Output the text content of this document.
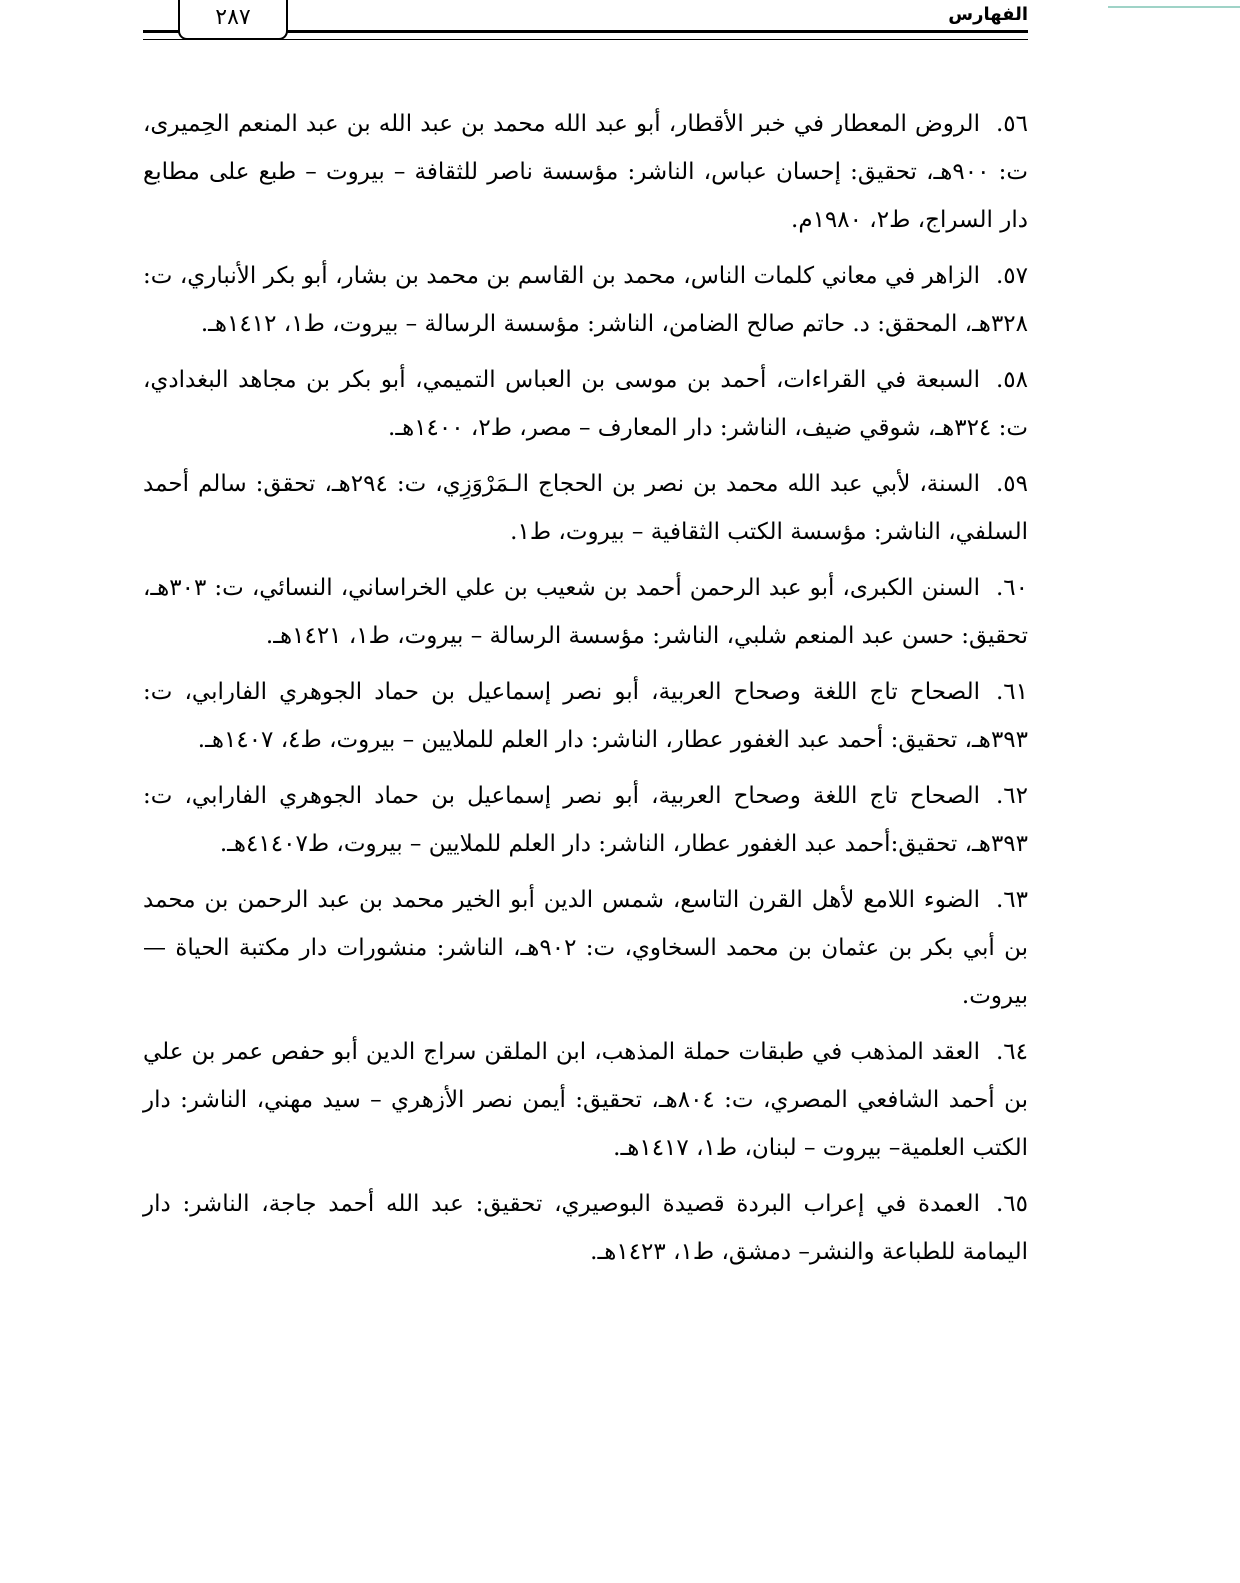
٢٨٧	الفهارس

٥٦.الروض المعطار في خبر الأقطار، أبو عبد الله محمد بن عبد الله بن عبد المنعم الحِميرى، ت: ٩٠٠هـ، تحقيق: إحسان عباس، الناشر: مؤسسة ناصر للثقافة – بيروت – طبع على مطابع دار السراج، ط٢، ١٩٨٠م.

٥٧.الزاهر في معاني كلمات الناس، محمد بن القاسم بن محمد بن بشار، أبو بكر الأنباري، ت: ٣٢٨هـ، المحقق: د. حاتم صالح الضامن، الناشر: مؤسسة الرسالة – بيروت، ط١، ١٤١٢هـ.

٥٨.السبعة في القراءات، أحمد بن موسى بن العباس التميمي، أبو بكر بن مجاهد البغدادي، ت: ٣٢٤هـ، شوقي ضيف، الناشر: دار المعارف – مصر، ط٢، ١٤٠٠هـ.

٥٩.السنة، لأبي عبد الله محمد بن نصر بن الحجاج الـمَرْوَزِي، ت: ٢٩٤هـ، تحقق: سالم أحمد السلفي، الناشر: مؤسسة الكتب الثقافية – بيروت، ط١.

٦٠.السنن الكبرى، أبو عبد الرحمن أحمد بن شعيب بن علي الخراساني، النسائي، ت: ٣٠٣هـ، تحقيق: حسن عبد المنعم شلبي، الناشر: مؤسسة الرسالة – بيروت، ط١، ١٤٢١هـ.

٦١.الصحاح تاج اللغة وصحاح العربية، أبو نصر إسماعيل بن حماد الجوهري الفارابي، ت: ٣٩٣هـ، تحقيق: أحمد عبد الغفور عطار، الناشر: دار العلم للملايين – بيروت، ط٤، ١٤٠٧هـ.

٦٢.الصحاح تاج اللغة وصحاح العربية، أبو نصر إسماعيل بن حماد الجوهري الفارابي، ت: ٣٩٣هـ، تحقيق:أحمد عبد الغفور عطار، الناشر: دار العلم للملايين – بيروت، ط٤١٤٠٧هـ.

٦٣.الضوء اللامع لأهل القرن التاسع، شمس الدين أبو الخير محمد بن عبد الرحمن بن محمد بن أبي بكر بن عثمان بن محمد السخاوي، ت: ٩٠٢هـ، الناشر: منشورات دار مكتبة الحياة — بيروت.

٦٤.العقد المذهب في طبقات حملة المذهب، ابن الملقن سراج الدين أبو حفص عمر بن علي بن أحمد الشافعي المصري، ت: ٨٠٤هـ، تحقيق: أيمن نصر الأزهري – سيد مهني، الناشر: دار الكتب العلمية– بيروت – لبنان، ط١، ١٤١٧هـ.

٦٥.العمدة في إعراب البردة قصيدة البوصيري، تحقيق: عبد الله أحمد جاجة، الناشر: دار اليمامة للطباعة والنشر– دمشق، ط١، ١٤٢٣هـ.
